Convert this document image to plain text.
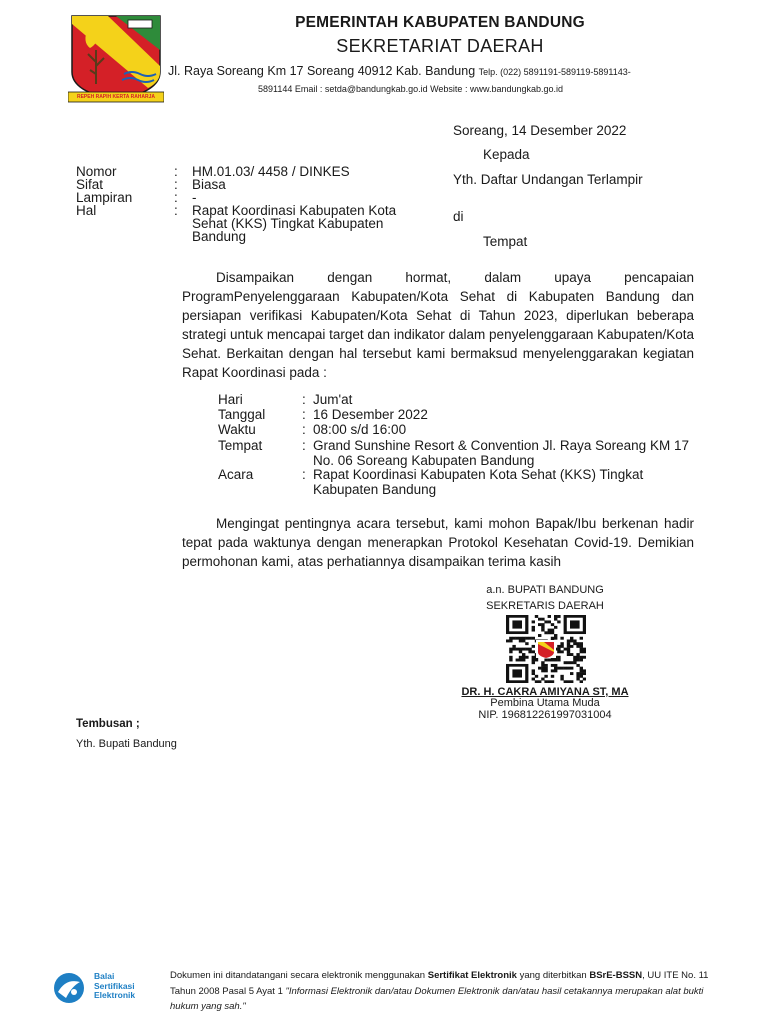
REPEH RAPIH KERTA RAHARJA
PEMERINTAH KABUPATEN BANDUNG
SEKRETARIAT DAERAH
Jl. Raya Soreang Km 17 Soreang 40912 Kab. Bandung Telp. (022) 5891191-589119-5891143-
5891144 Email : setda@bandungkab.go.id Website : www.bandungkab.go.id
Soreang, 14 Desember 2022
Kepada
Yth. Daftar Undangan Terlampir
di
Tempat
Nomor	: HM.01.03/ 4458 / DINKES
Sifat	: Biasa
Lampiran	: -
Hal	: Rapat Koordinasi Kabupaten Kota Sehat (KKS) Tingkat Kabupaten Bandung
Disampaikan dengan hormat, dalam upaya pencapaian ProgramPenyelenggaraan Kabupaten/Kota Sehat di Kabupaten Bandung dan persiapan verifikasi Kabupaten/Kota Sehat di Tahun 2023, diperlukan beberapa strategi untuk mencapai target dan indikator dalam penyelenggaraan Kabupaten/Kota Sehat. Berkaitan dengan hal tersebut kami bermaksud menyelenggarakan kegiatan Rapat Koordinasi pada :
Hari	: Jum'at
Tanggal	: 16 Desember 2022
Waktu	: 08:00 s/d 16:00
Tempat	: Grand Sunshine Resort & Convention Jl. Raya Soreang KM 17 No. 06 Soreang Kabupaten Bandung
Acara	: Rapat Koordinasi Kabupaten Kota Sehat (KKS) Tingkat Kabupaten Bandung
Mengingat pentingnya acara tersebut, kami mohon Bapak/Ibu berkenan hadir tepat pada waktunya dengan menerapkan Protokol Kesehatan Covid-19. Demikian permohonan kami, atas perhatiannya disampaikan terima kasih
a.n. BUPATI BANDUNG
SEKRETARIS DAERAH
DR. H. CAKRA AMIYANA ST, MA
Pembina Utama Muda
NIP. 196812261997031004
Tembusan ;
Yth. Bupati Bandung
Balai
Sertifikasi
Elektronik
Dokumen ini ditandatangani secara elektronik menggunakan Sertifikat Elektronik yang diterbitkan BSrE-BSSN, UU ITE No. 11 Tahun 2008 Pasal 5 Ayat 1 "Informasi Elektronik dan/atau Dokumen Elektronik dan/atau hasil cetakannya merupakan alat bukti hukum yang sah."
